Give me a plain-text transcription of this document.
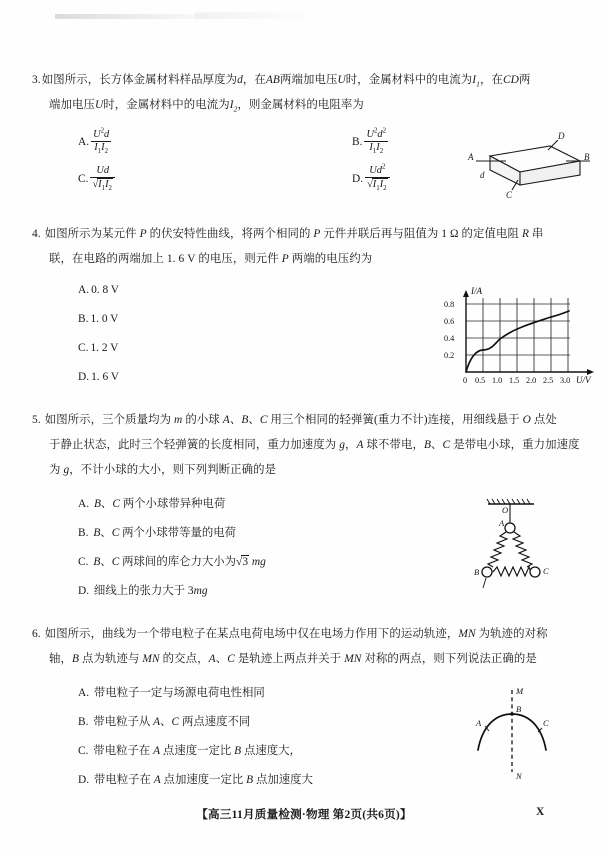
3.如图所示，长方体金属材料样品厚度为d，在AB两端加电压U时，金属材料中的电流为$I_1$，在CD两
端加电压U时，金属材料中的电流为$I_2$，则金属材料的电阻率为
A. $\frac{U^2d}{I_1I_2}$	B. $\frac{U^2d^2}{I_1I_2}$
C. $\frac{Ud}{√I_1I_2}$	D. $\frac{Ud^2}{√I_1I_2}$
A	B
D
C
d
4. 如图所示为某元件 P 的伏安特性曲线，将两个相同的 P 元件并联后再与阻值为 1 Ω 的定值电阻 R 串
联，在电路的两端加上 1. 6 V 的电压，则元件 P 两端的电压约为
A. 0. 8 V
B. 1. 0 V
C. 1. 2 V
D. 1. 6 V
0.8
0.6
0.4
0.2
0 0.5 1.0 1.5 2.0 2.5 3.0
I/A
U/V
5. 如图所示，三个质量均为 m 的小球 A、B、C 用三个相同的轻弹簧(重力不计)连接，用细线悬于 O 点处
于静止状态，此时三个轻弹簧的长度相同，重力加速度为 g，A 球不带电，B、C 是带电小球，重力加速度
为 g，不计小球的大小，则下列判断正确的是
A. B、C 两个小球带异种电荷
B. B、C 两个小球带等量的电荷
C. B、C 两球间的库仑力大小为√3 mg
D. 细线上的张力大于 3mg
O
A
B	C
6. 如图所示，曲线为一个带电粒子在某点电荷电场中仅在电场力作用下的运动轨迹，MN 为轨迹的对称
轴，B 点为轨迹与 MN 的交点，A、C 是轨迹上两点并关于 MN 对称的两点，则下列说法正确的是
A. 带电粒子一定与场源电荷电性相同
B. 带电粒子从 A、C 两点速度不同
C. 带电粒子在 A 点速度一定比 B 点速度大，
D. 带电粒子在 A 点加速度一定比 B 点加速度大
M
N
B
A	C
【高三11月质量检测·物理 第2页(共6页)】	X
